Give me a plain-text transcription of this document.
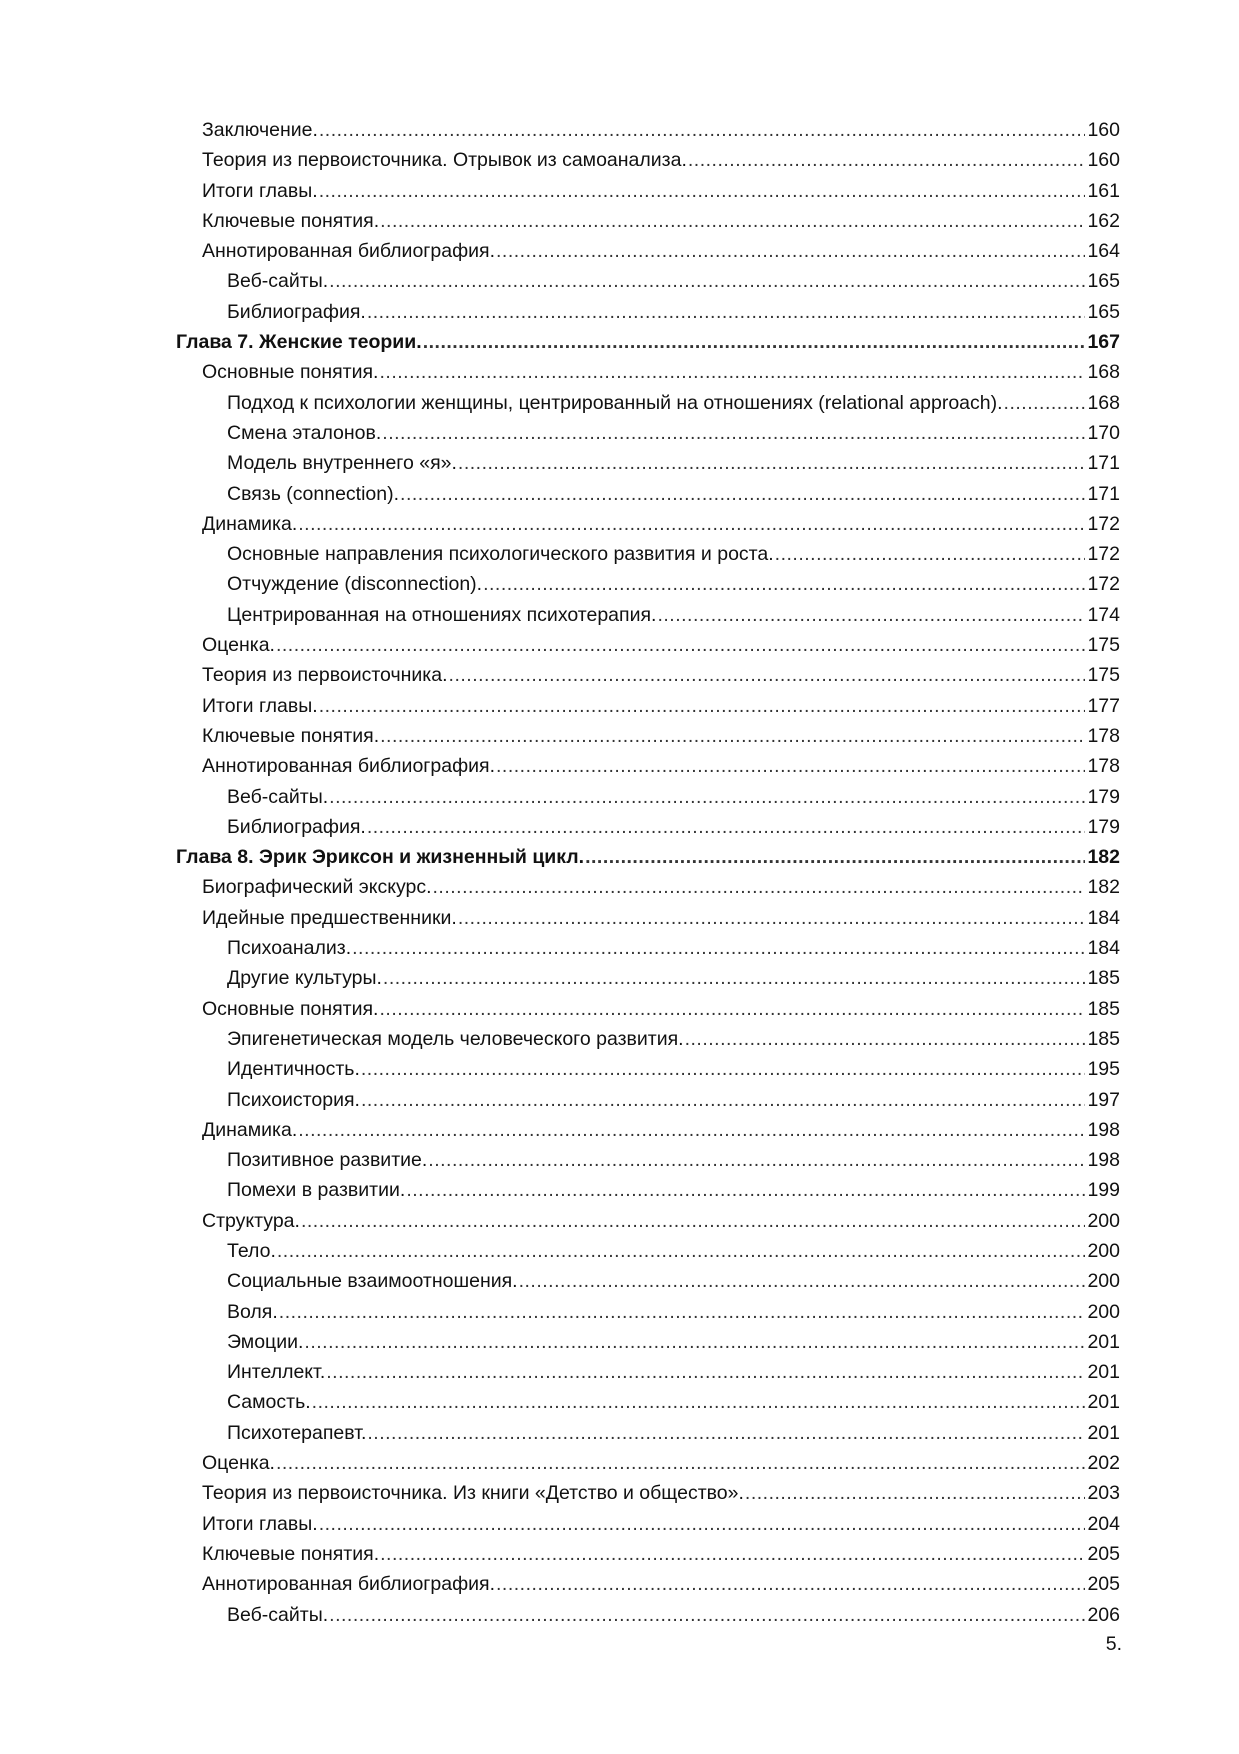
Заключение. .....	160
Теория из первоисточника. Отрывок из самоанализа. .....	160
Итоги главы. .....	161
Ключевые понятия. .....	162
Аннотированная библиография. .....	164
Веб-сайты. .....	165
Библиография. .....	165
Глава 7. Женские теории. .....	167
Основные понятия. .....	168
Подход к психологии женщины, центрированный на отношениях (relational approach). .....	168
Смена эталонов. .....	170
Модель внутреннего «я». .....	171
Связь (connection). .....	171
Динамика. .....	172
Основные направления психологического развития и роста. .....	172
Отчуждение (disconnection). .....	172
Центрированная на отношениях психотерапия. .....	174
Оценка. .....	175
Теория из первоисточника. .....	175
Итоги главы. .....	177
Ключевые понятия. .....	178
Аннотированная библиография. .....	178
Веб-сайты. .....	179
Библиография. .....	179
Глава 8. Эрик Эриксон и жизненный цикл. .....	182
Биографический экскурс. .....	182
Идейные предшественники. .....	184
Психоанализ. .....	184
Другие культуры. .....	185
Основные понятия. .....	185
Эпигенетическая модель человеческого развития. .....	185
Идентичность. .....	195
Психоистория. .....	197
Динамика. .....	198
Позитивное развитие. .....	198
Помехи в развитии. .....	199
Структура. .....	200
Тело. .....	200
Социальные взаимоотношения. .....	200
Воля. .....	200
Эмоции. .....	201
Интеллект. .....	201
Самость. .....	201
Психотерапевт. .....	201
Оценка. .....	202
Теория из первоисточника. Из книги «Детство и общество». .....	203
Итоги главы. .....	204
Ключевые понятия. .....	205
Аннотированная библиография. .....	205
Веб-сайты. .....	206
5.
